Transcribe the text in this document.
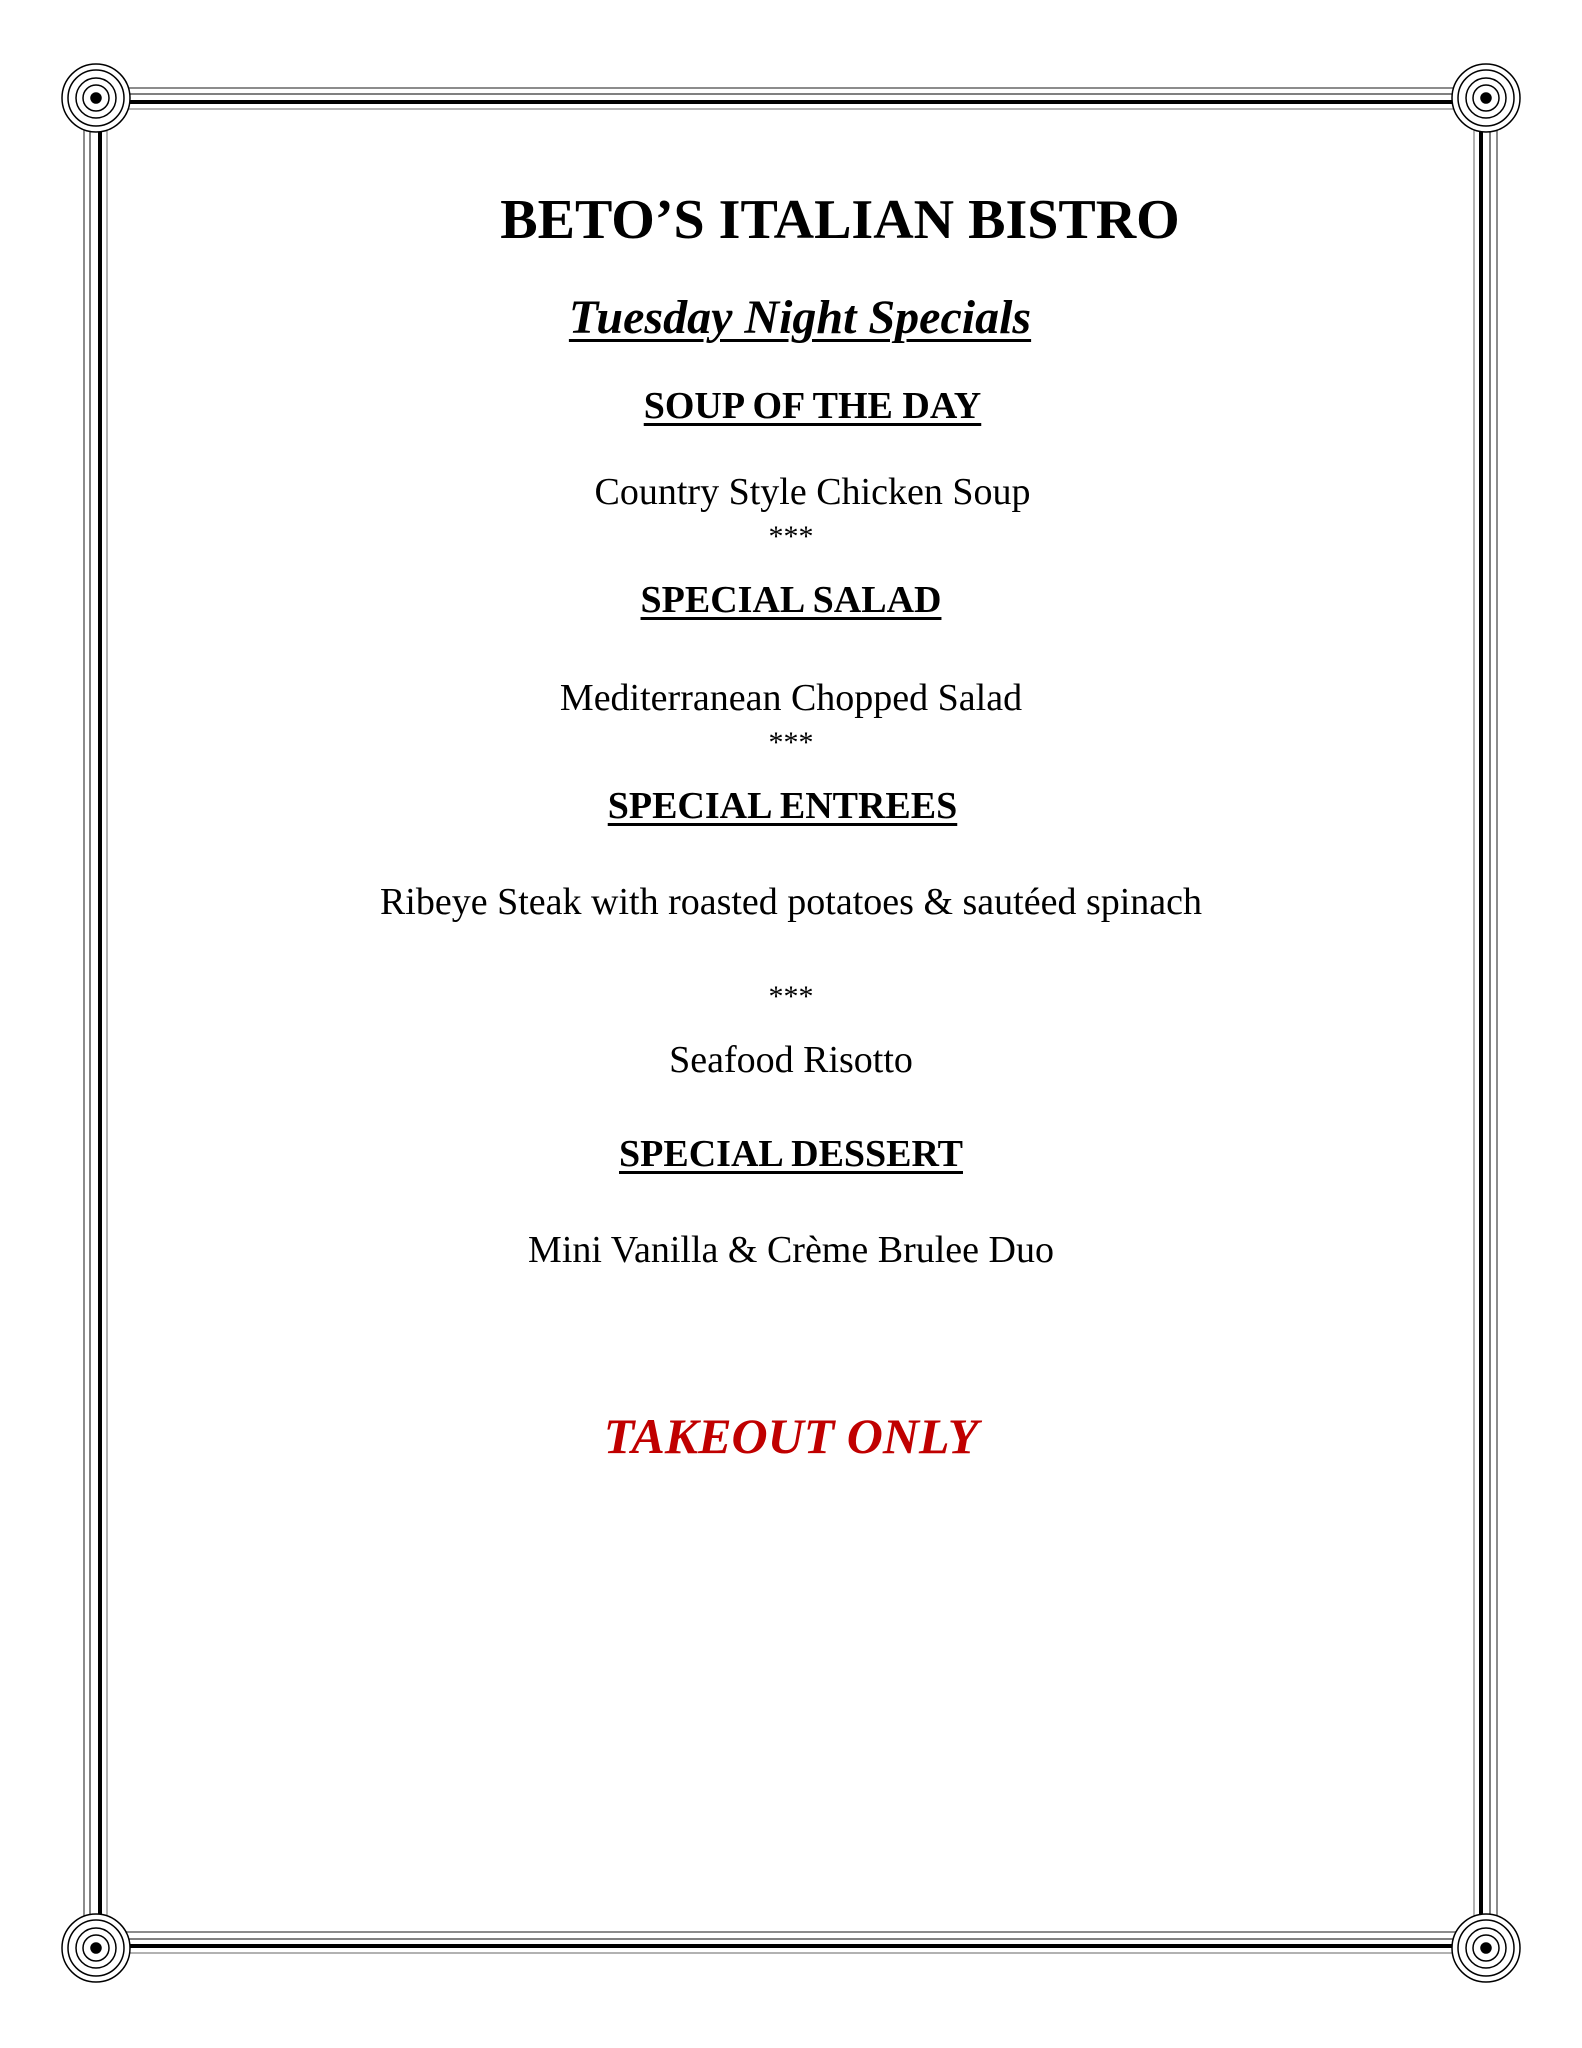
BETO’S ITALIAN BISTRO
Tuesday Night Specials
SOUP OF THE DAY
Country Style Chicken Soup
***
SPECIAL SALAD
Mediterranean Chopped Salad
***
SPECIAL ENTREES
Ribeye Steak with roasted potatoes & sautéed spinach
***
Seafood Risotto
SPECIAL DESSERT
Mini Vanilla & Crème Brulee Duo
TAKEOUT ONLY
